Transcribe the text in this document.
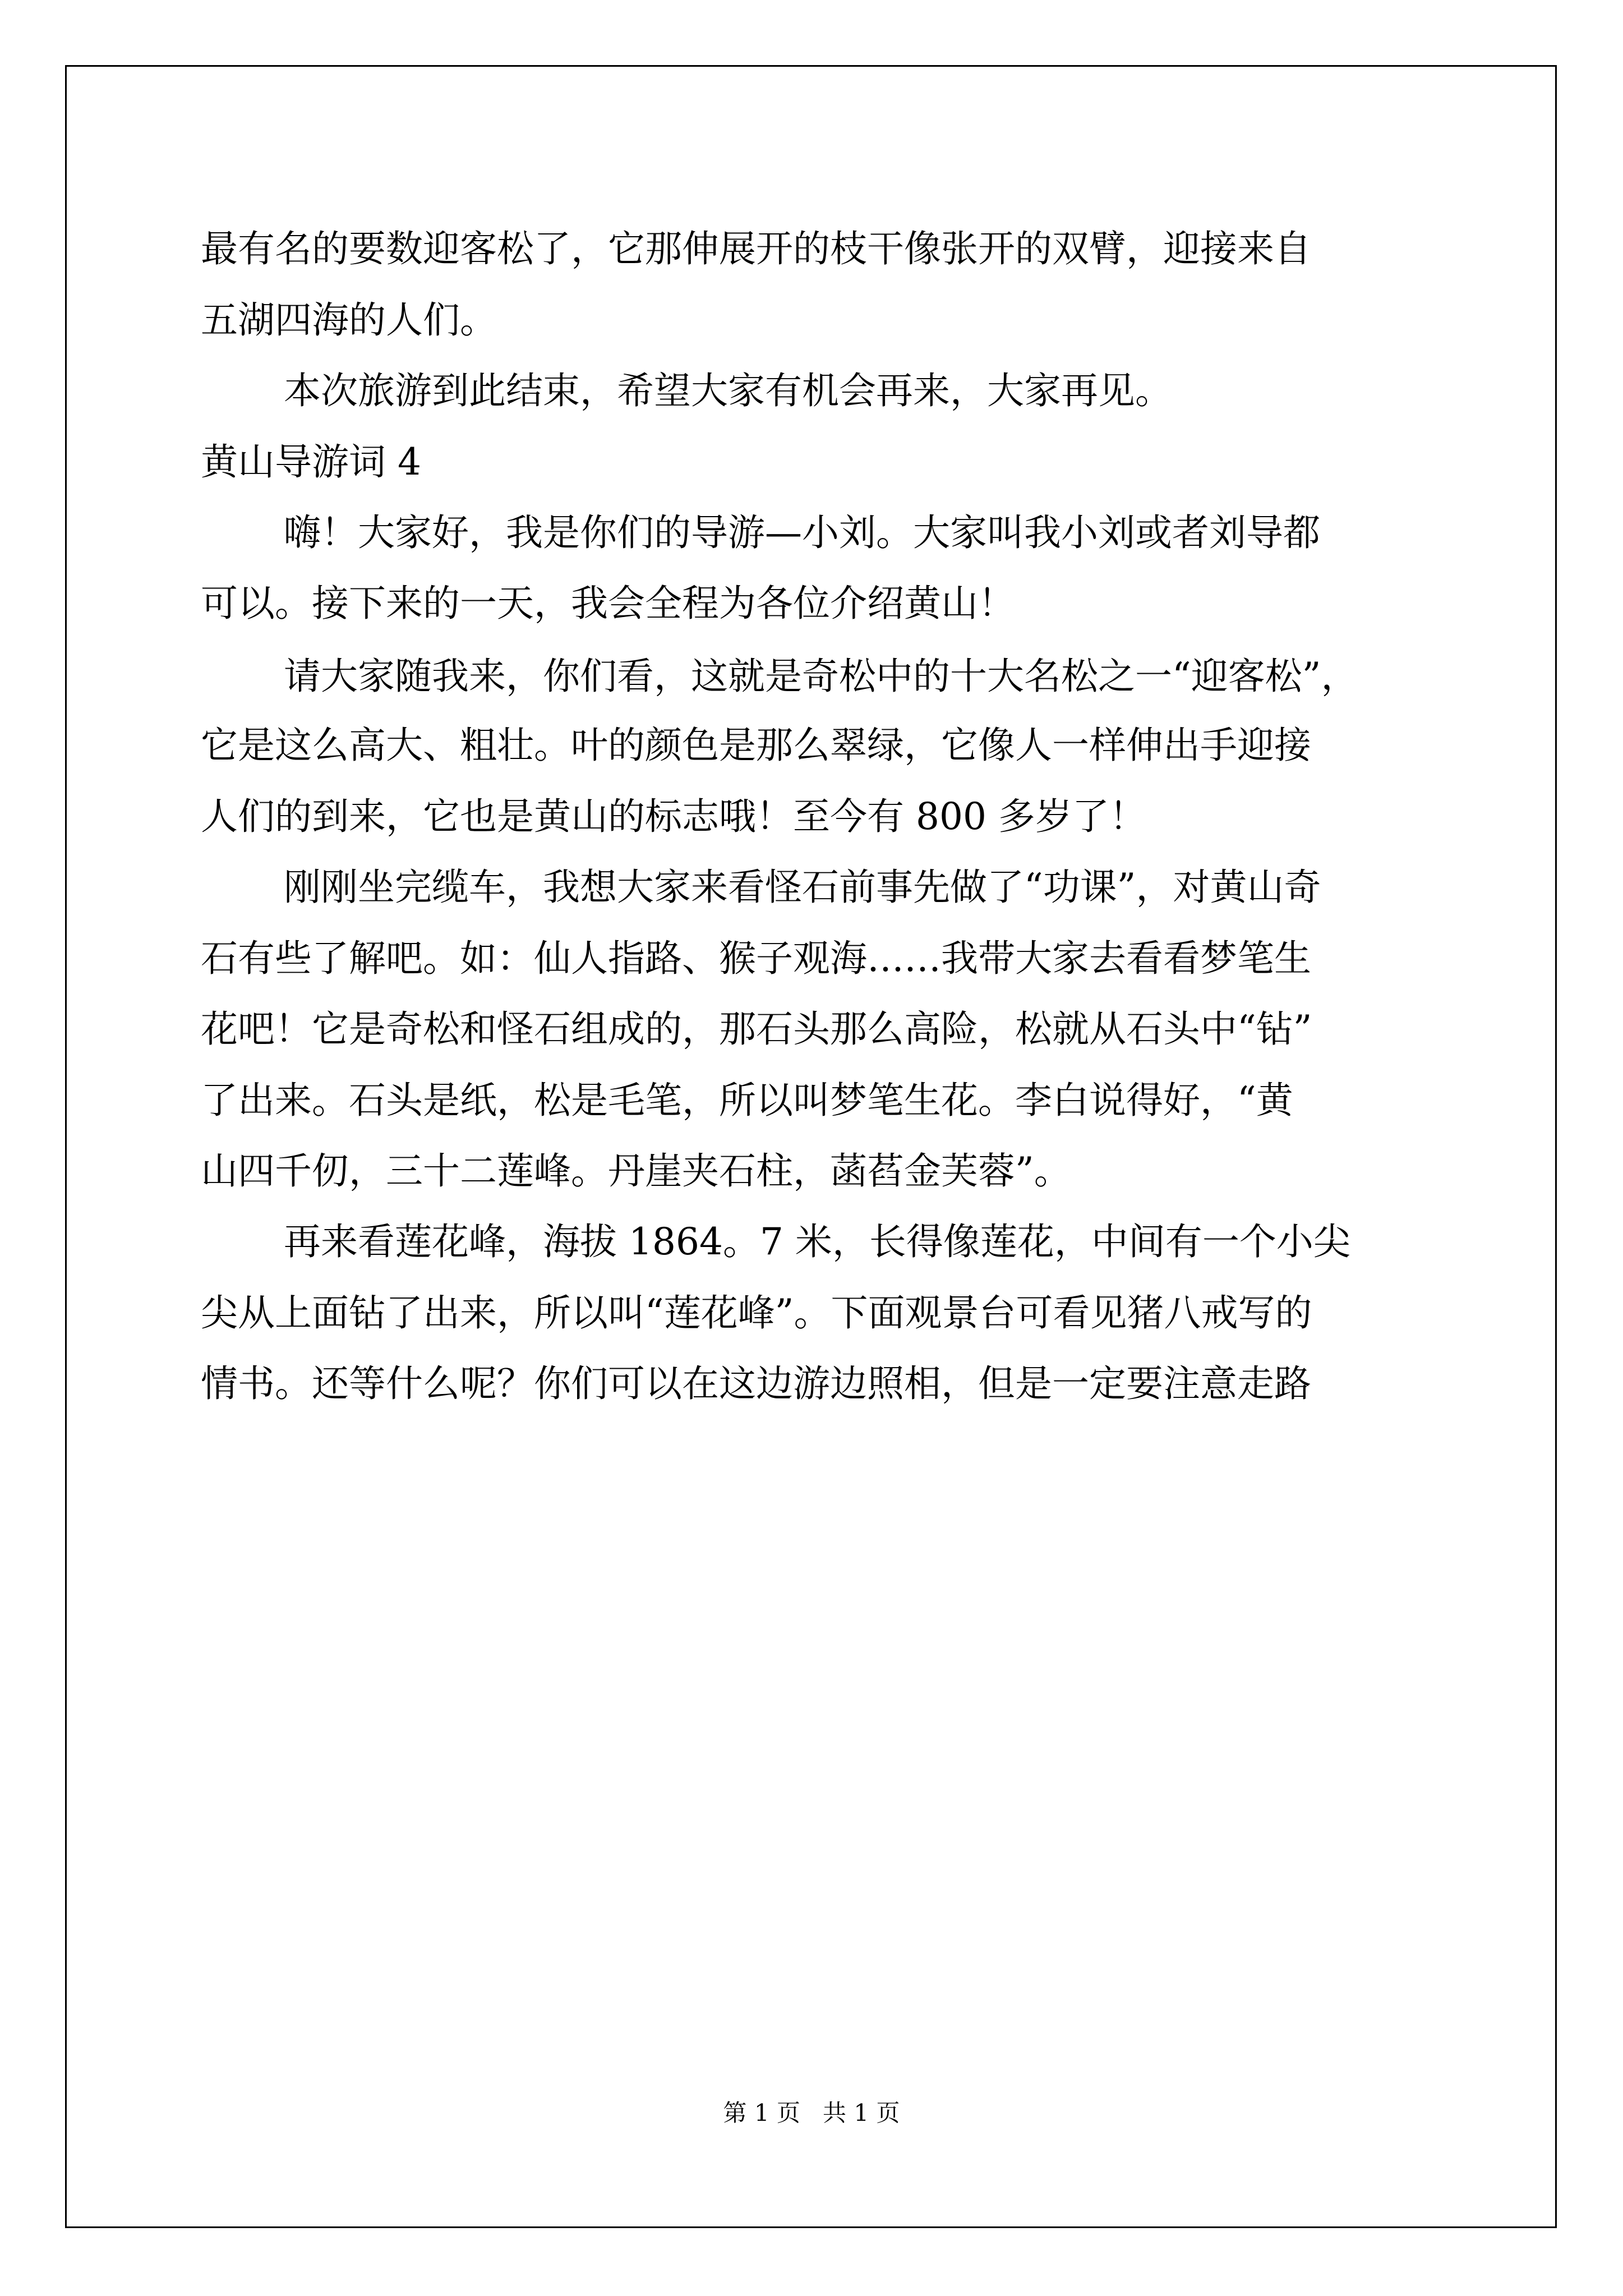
最有名的要数迎客松了，它那伸展开的枝干像张开的双臂，迎接来自
五湖四海的人们。
本次旅游到此结束，希望大家有机会再来，大家再见。
黄山导游词 4
嗨！大家好，我是你们的导游—小刘。大家叫我小刘或者刘导都
可以。接下来的一天，我会全程为各位介绍黄山！
请大家随我来，你们看，这就是奇松中的十大名松之一“迎客松”，
它是这么高大、粗壮。叶的颜色是那么翠绿，它像人一样伸出手迎接
人们的到来，它也是黄山的标志哦！至今有 800 多岁了！
刚刚坐完缆车，我想大家来看怪石前事先做了“功课”，对黄山奇
石有些了解吧。如：仙人指路、猴子观海……我带大家去看看梦笔生
花吧！它是奇松和怪石组成的，那石头那么高险，松就从石头中“钻”
了出来。石头是纸，松是毛笔，所以叫梦笔生花。李白说得好，“黄
山四千仞，三十二莲峰。丹崖夹石柱，菡萏金芙蓉”。
再来看莲花峰，海拔 1864。7 米，长得像莲花，中间有一个小尖
尖从上面钻了出来，所以叫“莲花峰”。下面观景台可看见猪八戒写的
情书。还等什么呢？你们可以在这边游边照相，但是一定要注意走路
第 1 页   共 1 页
